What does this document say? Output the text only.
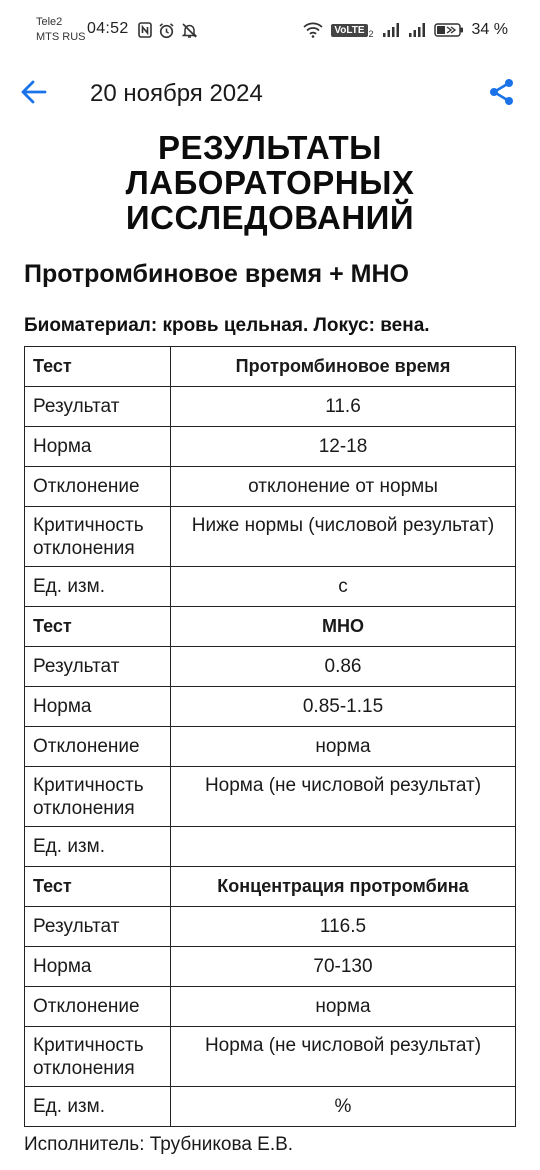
Tele2
MTS RUS 04:52	VoLTE 2	34 %
20 ноября 2024
РЕЗУЛЬТАТЫ
ЛАБОРАТОРНЫХ
ИССЛЕДОВАНИЙ
Протромбиновое время + МНО
Биоматериал: кровь цельная. Локус: вена.
Тест	Протромбиновое время
Результат	11.6
Норма	12-18
Отклонение	отклонение от нормы
Критичность отклонения	Ниже нормы (числовой результат)
Ед. изм.	с
Тест	МНО
Результат	0.86
Норма	0.85-1.15
Отклонение	норма
Критичность отклонения	Норма (не числовой результат)
Ед. изм.	
Тест	Концентрация протромбина
Результат	116.5
Норма	70-130
Отклонение	норма
Критичность отклонения	Норма (не числовой результат)
Ед. изм.	%
Исполнитель: Трубникова Е.В.
